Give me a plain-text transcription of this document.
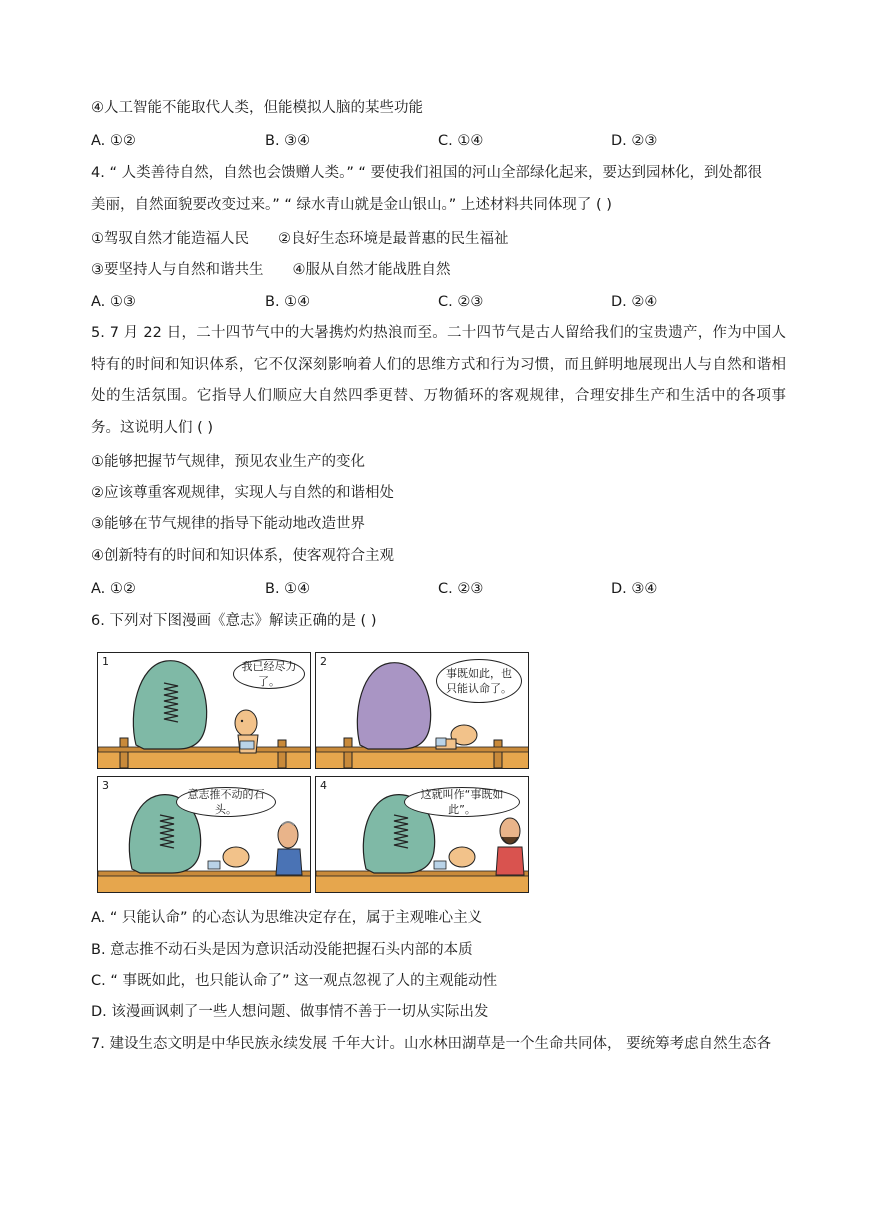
④人工智能不能取代人类，但能模拟人脑的某些功能
A. ①②	B. ③④	C. ①④	D. ②③
4. “ 人类善待自然，自然也会馈赠人类。” “ 要使我们祖国的河山全部绿化起来，要达到园林化，到处都很
美丽，自然面貌要改变过来。” “ 绿水青山就是金山银山。” 上述材料共同体现了 ( )
①驾驭自然才能造福人民　　②良好生态环境是最普惠的民生福祉
③要坚持人与自然和谐共生　　④服从自然才能战胜自然
A. ①③	B. ①④	C. ②③	D. ②④
5. 7 月 22 日，二十四节气中的大暑携灼灼热浪而至。二十四节气是古人留给我们的宝贵遗产，作为中国人特有的时间和知识体系，它不仅深刻影响着人们的思维方式和行为习惯，而且鲜明地展现出人与自然和谐相处的生活氛围。它指导人们顺应大自然四季更替、万物循环的客观规律，合理安排生产和生活中的各项事务。这说明人们 ( )
①能够把握节气规律，预见农业生产的变化
②应该尊重客观规律，实现人与自然的和谐相处
③能够在节气规律的指导下能动地改造世界
④创新特有的时间和知识体系，使客观符合主观
A. ①②	B. ①④	C. ②③	D. ③④
6. 下列对下图漫画《意志》解读正确的是 ( )
1	我已经尽力了。
2
事既如此，也只能认命了。
3
意志推不动的石头。
4
这就叫作“事既如此”。
A. “ 只能认命” 的心态认为思维决定存在，属于主观唯心主义
B. 意志推不动石头是因为意识活动没能把握石头内部的本质
C. “ 事既如此，也只能认命了” 这一观点忽视了人的主观能动性
D. 该漫画讽刺了一些人想问题、做事情不善于一切从实际出发
7. 建设生态文明是中华民族永续发展 千年大计。山水林田湖草是一个生命共同体， 要统筹考虑自然生态各
